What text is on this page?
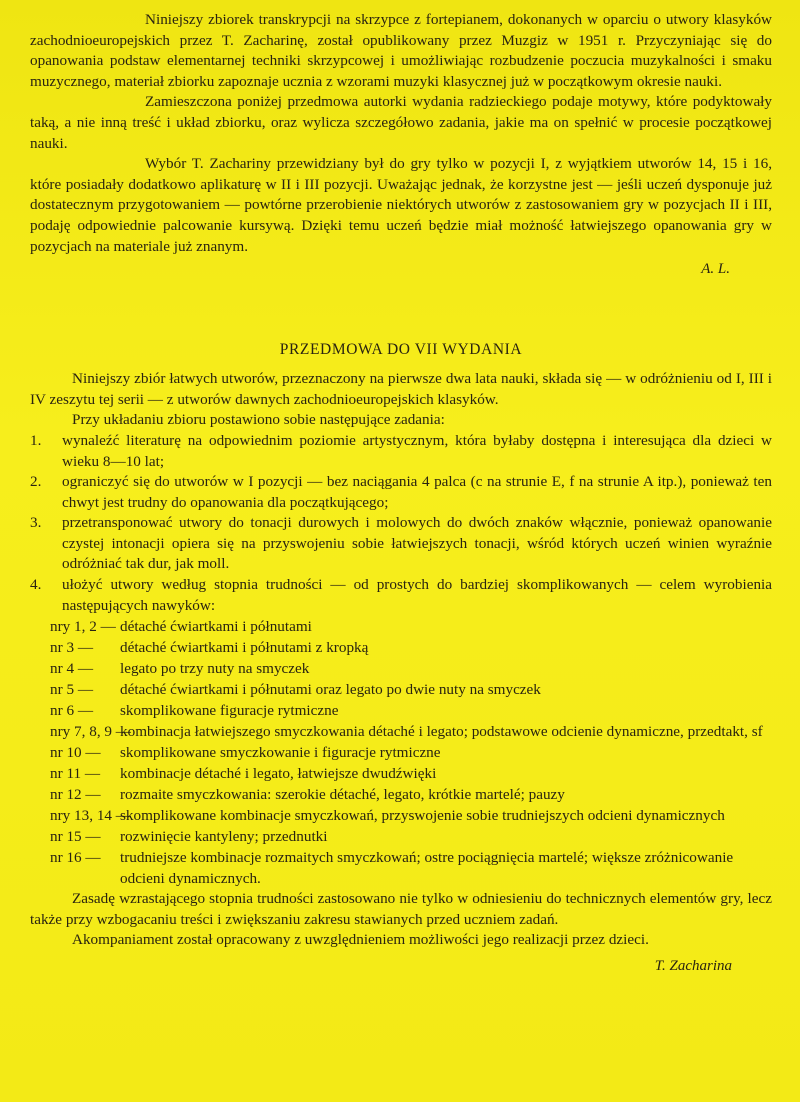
Niniejszy zbiorek transkrypcji na skrzypce z fortepianem, dokonanych w oparciu o utwory klasyków zachodnioeuropejskich przez T. Zacharinę, został opublikowany przez Muzgiz w 1951 r. Przyczyniając się do opanowania podstaw elementarnej techniki skrzypcowej i umożliwiając rozbudzenie poczucia muzykalności i smaku muzycznego, materiał zbiorku zapoznaje ucznia z wzorami muzyki klasycznej już w początkowym okresie nauki.

Zamieszczona poniżej przedmowa autorki wydania radzieckiego podaje motywy, które podyktowały taką, a nie inną treść i układ zbiorku, oraz wylicza szczegółowo zadania, jakie ma on spełnić w procesie początkowej nauki.

Wybór T. Zachariny przewidziany był do gry tylko w pozycji I, z wyjątkiem utworów 14, 15 i 16, które posiadały dodatkowo aplikaturę w II i III pozycji. Uważając jednak, że korzystne jest — jeśli uczeń dysponuje już dostatecznym przygotowaniem — powtórne przerobienie niektórych utworów z zastosowaniem gry w pozycjach II i III, podaję odpowiednie palcowanie kursywą. Dzięki temu uczeń będzie miał możność łatwiejszego opanowania gry w pozycjach na materiale już znanym.

A. L.
PRZEDMOWA DO VII WYDANIA

Niniejszy zbiór łatwych utworów, przeznaczony na pierwsze dwa lata nauki, składa się — w odróżnieniu od I, III i IV zeszytu tej serii — z utworów dawnych zachodnioeuropejskich klasyków.

Przy układaniu zbioru postawiono sobie następujące zadania:

1. wynaleźć literaturę na odpowiednim poziomie artystycznym, która byłaby dostępna i interesująca dla dzieci w wieku 8—10 lat;
2. ograniczyć się do utworów w I pozycji — bez naciągania 4 palca (c na strunie E, f na strunie A itp.), ponieważ ten chwyt jest trudny do opanowania dla początkującego;
3. przetransponować utwory do tonacji durowych i molowych do dwóch znaków włącznie, ponieważ opanowanie czystej intonacji opiera się na przyswojeniu sobie łatwiejszych tonacji, wśród których uczeń winien wyraźnie odróżniać tak dur, jak moll.
4. ułożyć utwory według stopnia trudności — od prostych do bardziej skomplikowanych — celem wyrobienia następujących nawyków:
nry 1, 2 — détaché ćwiartkami i półnutami
nr 3 — détaché ćwiartkami i półnutami z kropką
nr 4 — legato po trzy nuty na smyczek
nr 5 — détaché ćwiartkami i półnutami oraz legato po dwie nuty na smyczek
nr 6 — skomplikowane figuracje rytmiczne
nry 7, 8, 9 —
kombinacja łatwiejszego smyczkowania détaché i legato; podstawowe odcienie dynamiczne, przedtakt, sf
nr 10 — skomplikowane smyczkowanie i figuracje rytmiczne
nr 11 — kombinacje détaché i legato, łatwiejsze dwudźwięki
nr 12 — rozmaite smyczkowania: szerokie détaché, legato, krótkie martelé; pauzy
nry 13, 14 —
skomplikowane kombinacje smyczkowań, przyswojenie sobie trudniejszych odcieni dynamicznych
nr 15 — rozwinięcie kantyleny; przednutki
nr 16 — trudniejsze kombinacje rozmaitych smyczkowań; ostre pociągnięcia martelé; większe zróżnicowanie odcieni dynamicznych.

Zasadę wzrastającego stopnia trudności zastosowano nie tylko w odniesieniu do technicznych elementów gry, lecz także przy wzbogacaniu treści i zwiększaniu zakresu stawianych przed uczniem zadań.

Akompaniament został opracowany z uwzględnieniem możliwości jego realizacji przez dzieci.

T. Zacharina
